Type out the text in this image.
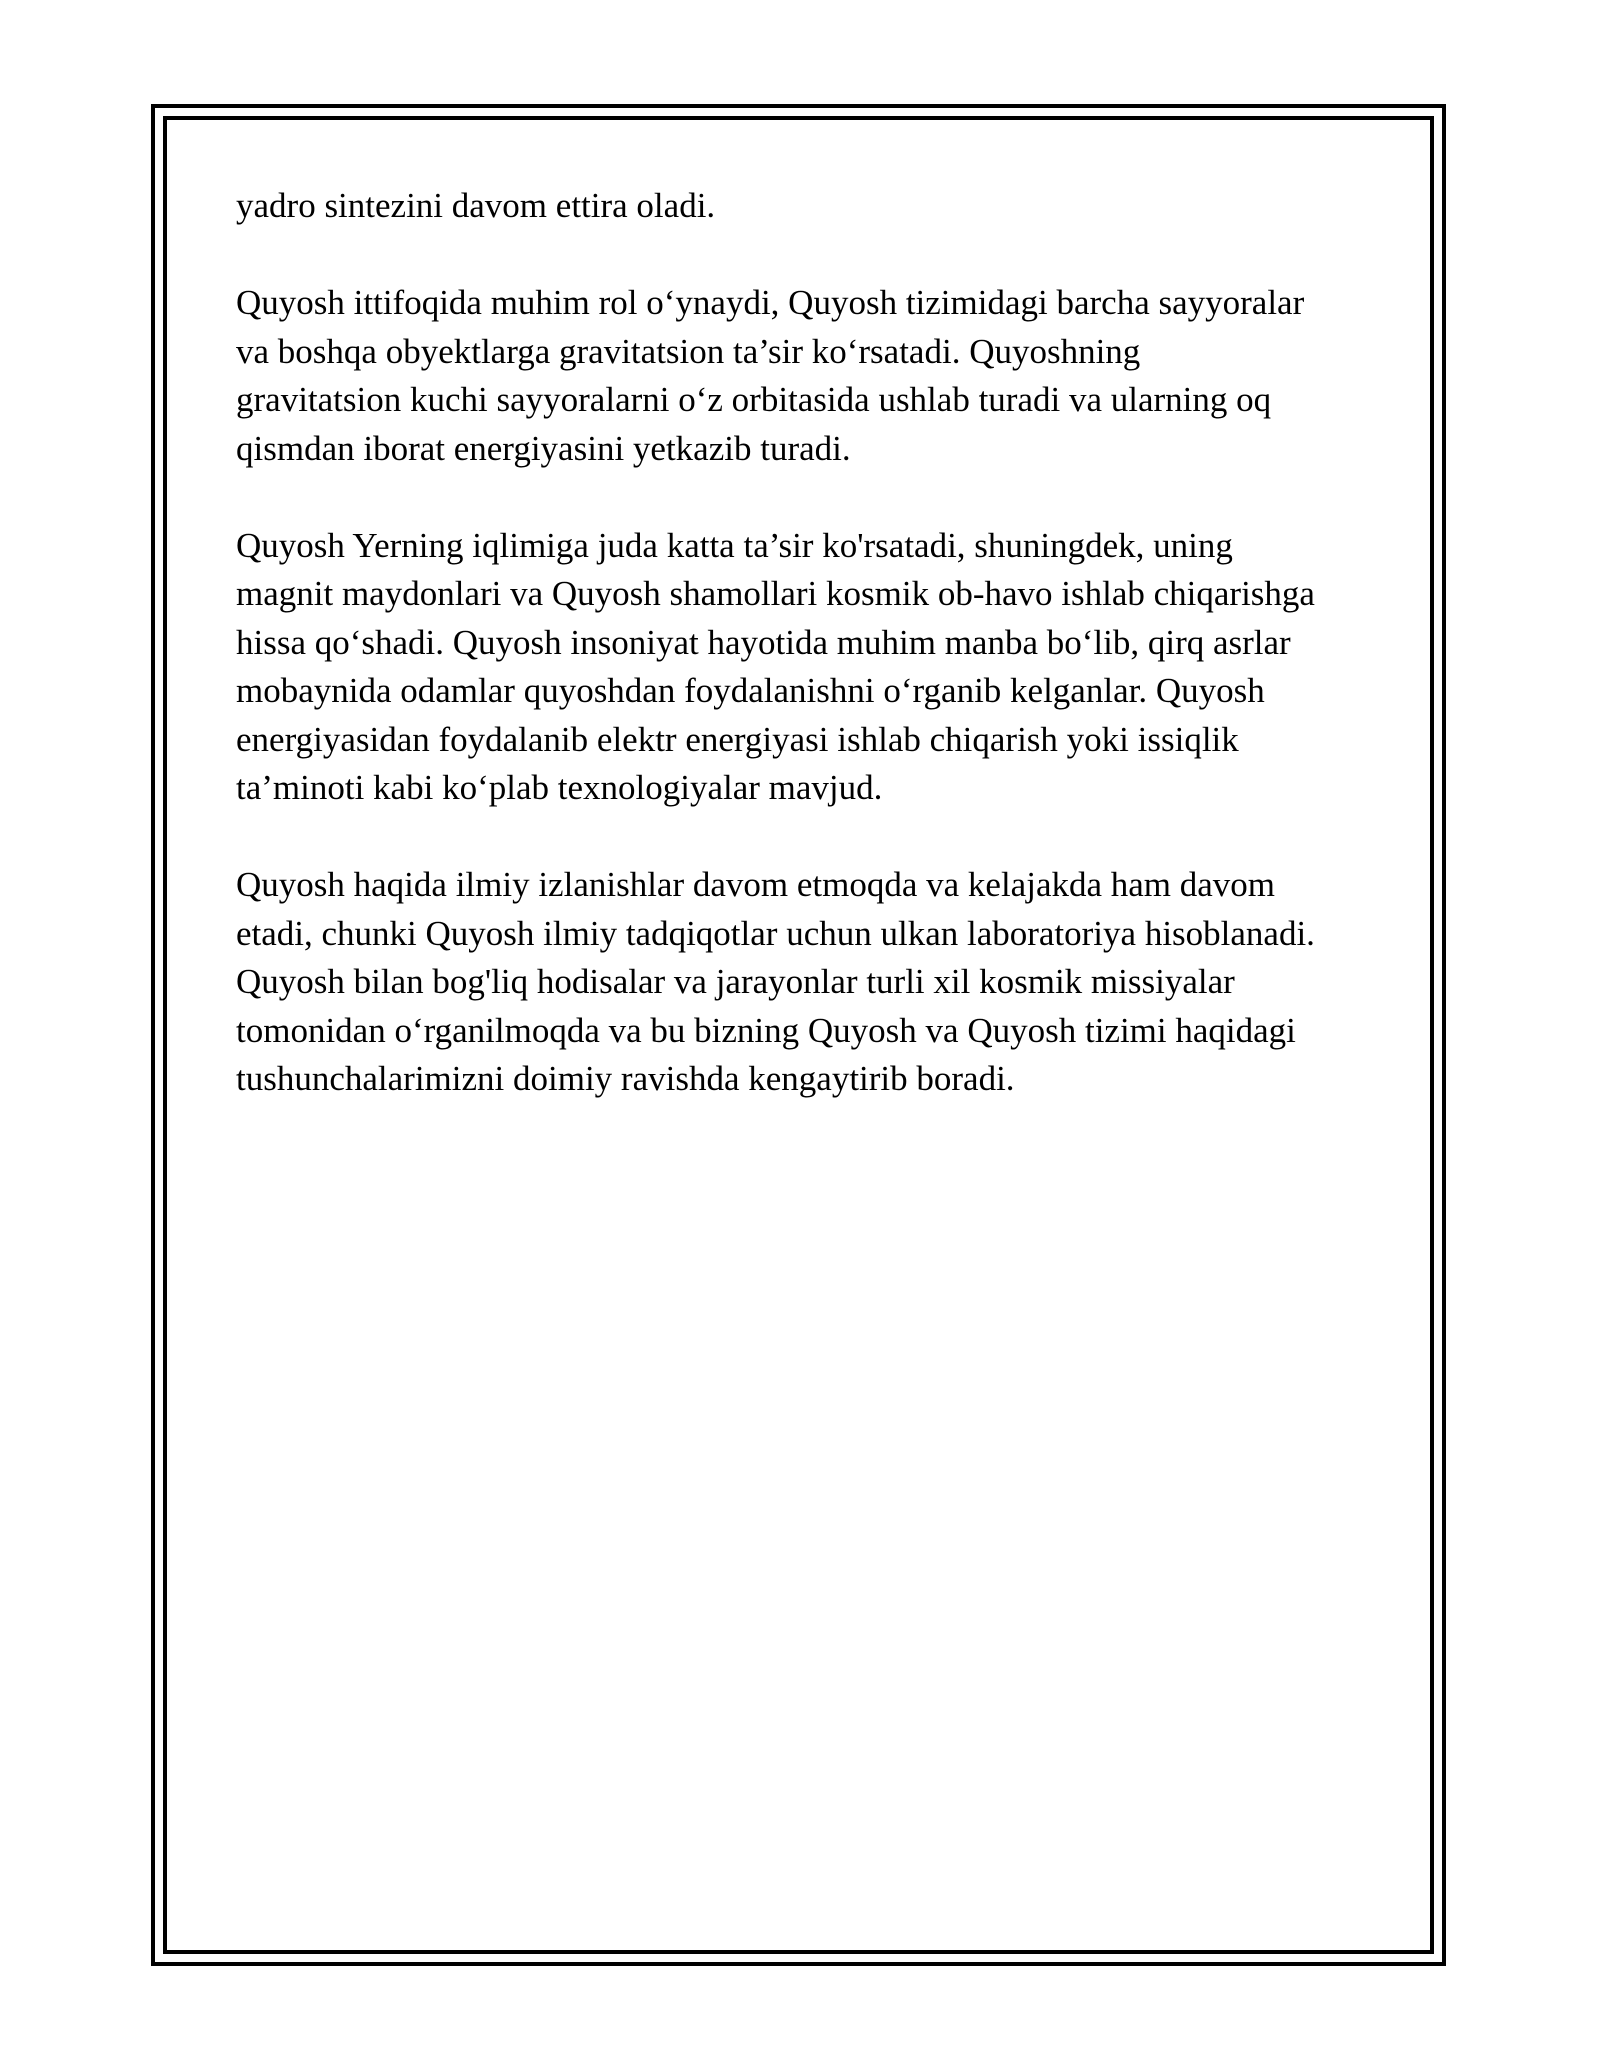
yadro sintezini davom ettira oladi.

Quyosh ittifoqida muhim rol o‘ynaydi, Quyosh tizimidagi barcha sayyoralar
va boshqa obyektlarga gravitatsion ta’sir ko‘rsatadi. Quyoshning
gravitatsion kuchi sayyoralarni o‘z orbitasida ushlab turadi va ularning oq
qismdan iborat energiyasini yetkazib turadi.

Quyosh Yerning iqlimiga juda katta ta’sir ko'rsatadi, shuningdek, uning
magnit maydonlari va Quyosh shamollari kosmik ob-havo ishlab chiqarishga
hissa qo‘shadi. Quyosh insoniyat hayotida muhim manba bo‘lib, qirq asrlar
mobaynida odamlar quyoshdan foydalanishni o‘rganib kelganlar. Quyosh
energiyasidan foydalanib elektr energiyasi ishlab chiqarish yoki issiqlik
ta’minoti kabi ko‘plab texnologiyalar mavjud.

Quyosh haqida ilmiy izlanishlar davom etmoqda va kelajakda ham davom
etadi, chunki Quyosh ilmiy tadqiqotlar uchun ulkan laboratoriya hisoblanadi.
Quyosh bilan bog'liq hodisalar va jarayonlar turli xil kosmik missiyalar
tomonidan o‘rganilmoqda va bu bizning Quyosh va Quyosh tizimi haqidagi
tushunchalarimizni doimiy ravishda kengaytirib boradi.
